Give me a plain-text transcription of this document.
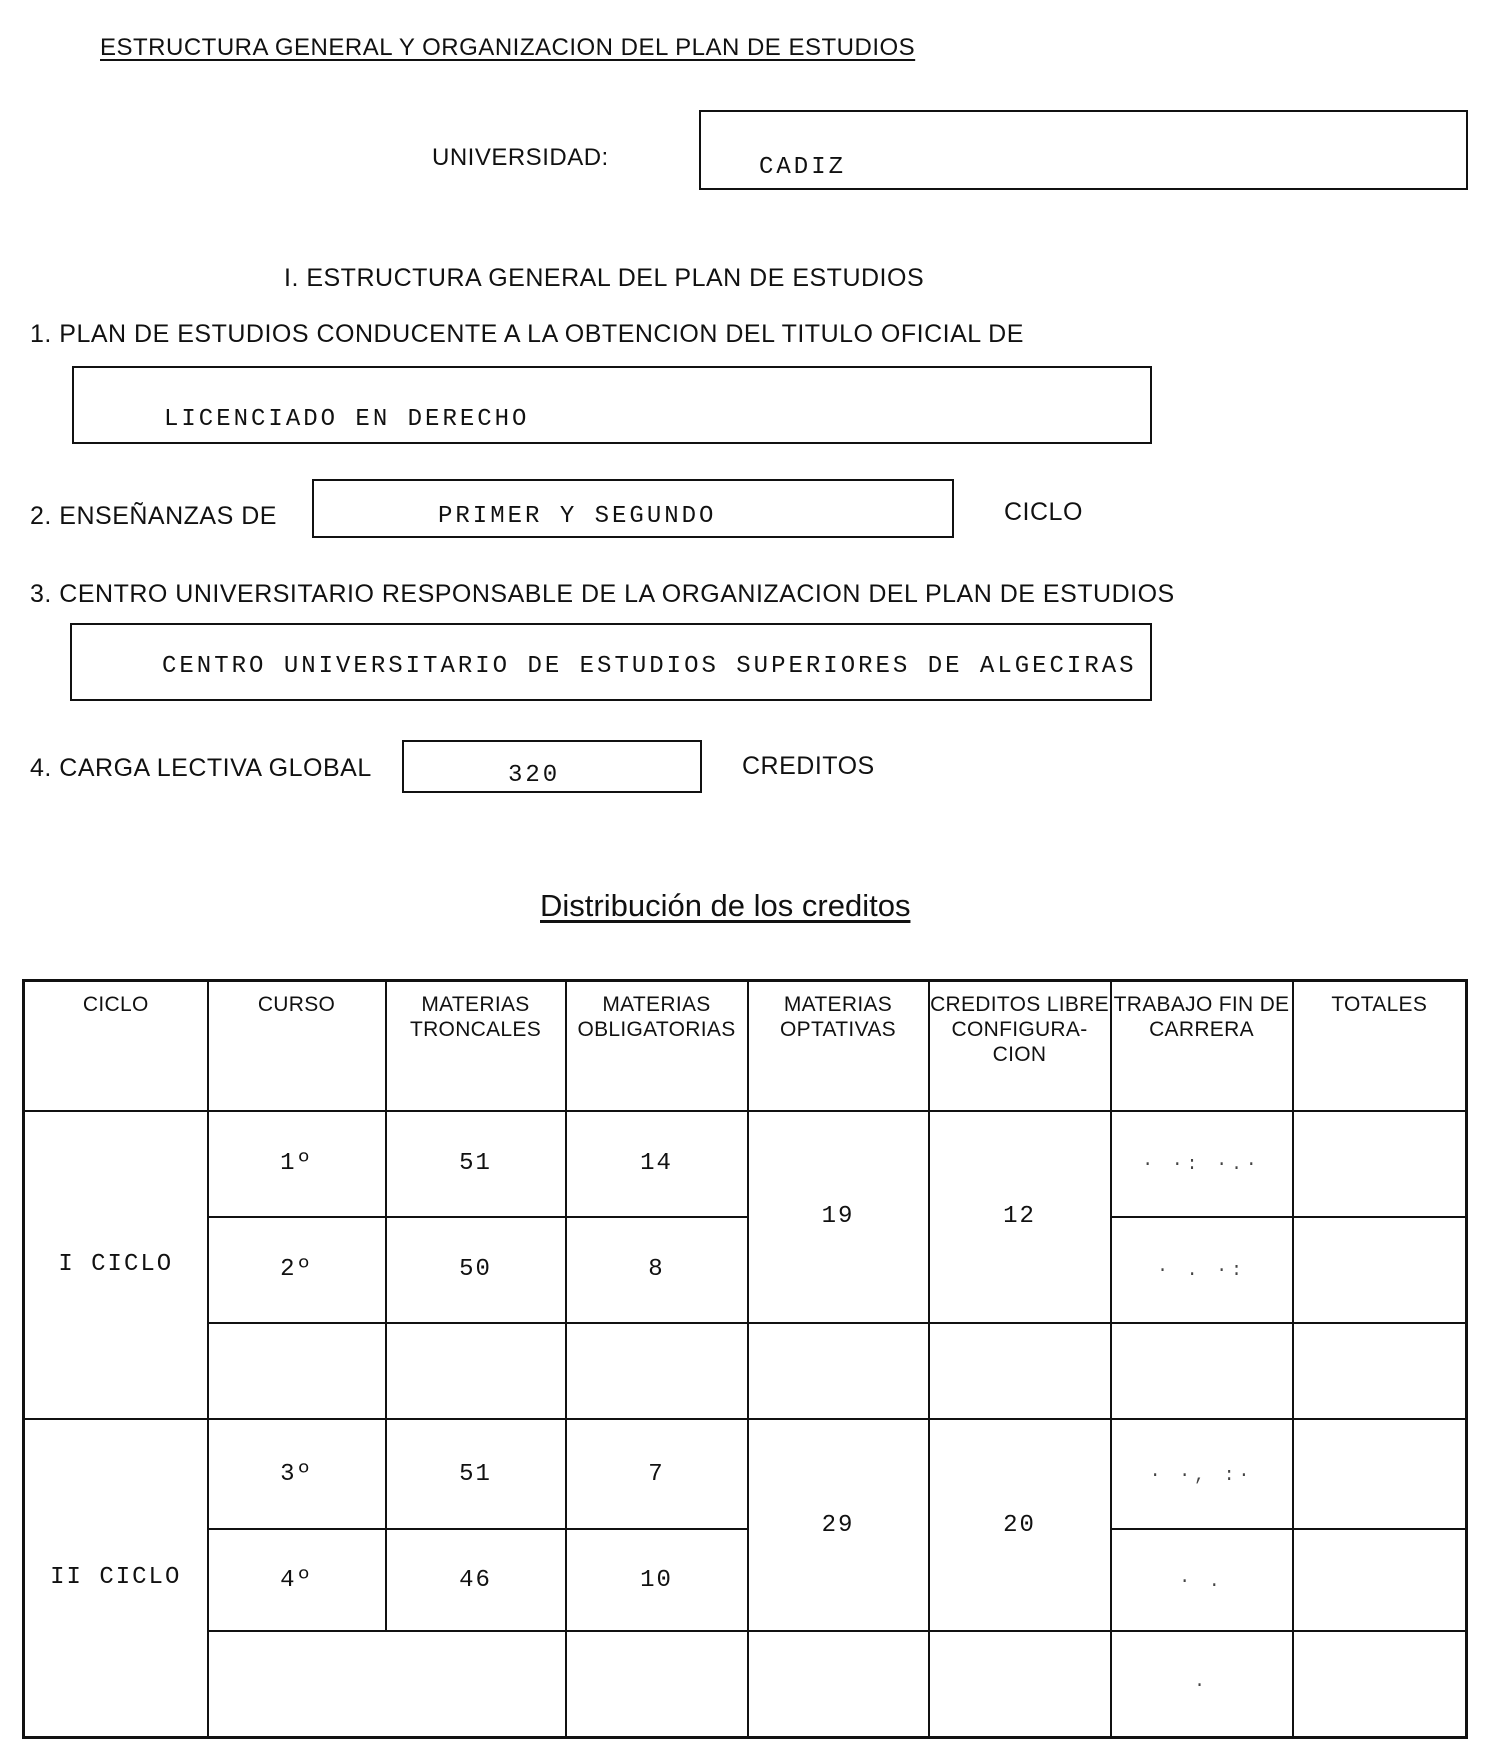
ESTRUCTURA GENERAL Y ORGANIZACION DEL PLAN DE ESTUDIOS
UNIVERSIDAD:	CADIZ
I. ESTRUCTURA GENERAL DEL PLAN DE ESTUDIOS
1. PLAN DE ESTUDIOS CONDUCENTE A LA OBTENCION DEL TITULO OFICIAL DE
LICENCIADO EN DERECHO
2. ENSEÑANZAS DE	PRIMER Y SEGUNDO	CICLO
3. CENTRO UNIVERSITARIO RESPONSABLE DE LA ORGANIZACION DEL PLAN DE ESTUDIOS
CENTRO UNIVERSITARIO DE ESTUDIOS SUPERIORES DE ALGECIRAS
4. CARGA LECTIVA GLOBAL	320	CREDITOS
Distribución de los creditos
CICLO	CURSO	MATERIAS TRONCALES	MATERIAS OBLIGATORIAS	MATERIAS OPTATIVAS	CREDITOS LIBRE CONFIGURA-CION	TRABAJO FIN DE CARRERA	TOTALES
I CICLO	1º	51	14	19	12	· ·: ·.·	
	2º	50	8			· . ·:	

II CICLO	3º	51	7	29	20	· ·, :·	
	4º	46	10			· .	
						·	
